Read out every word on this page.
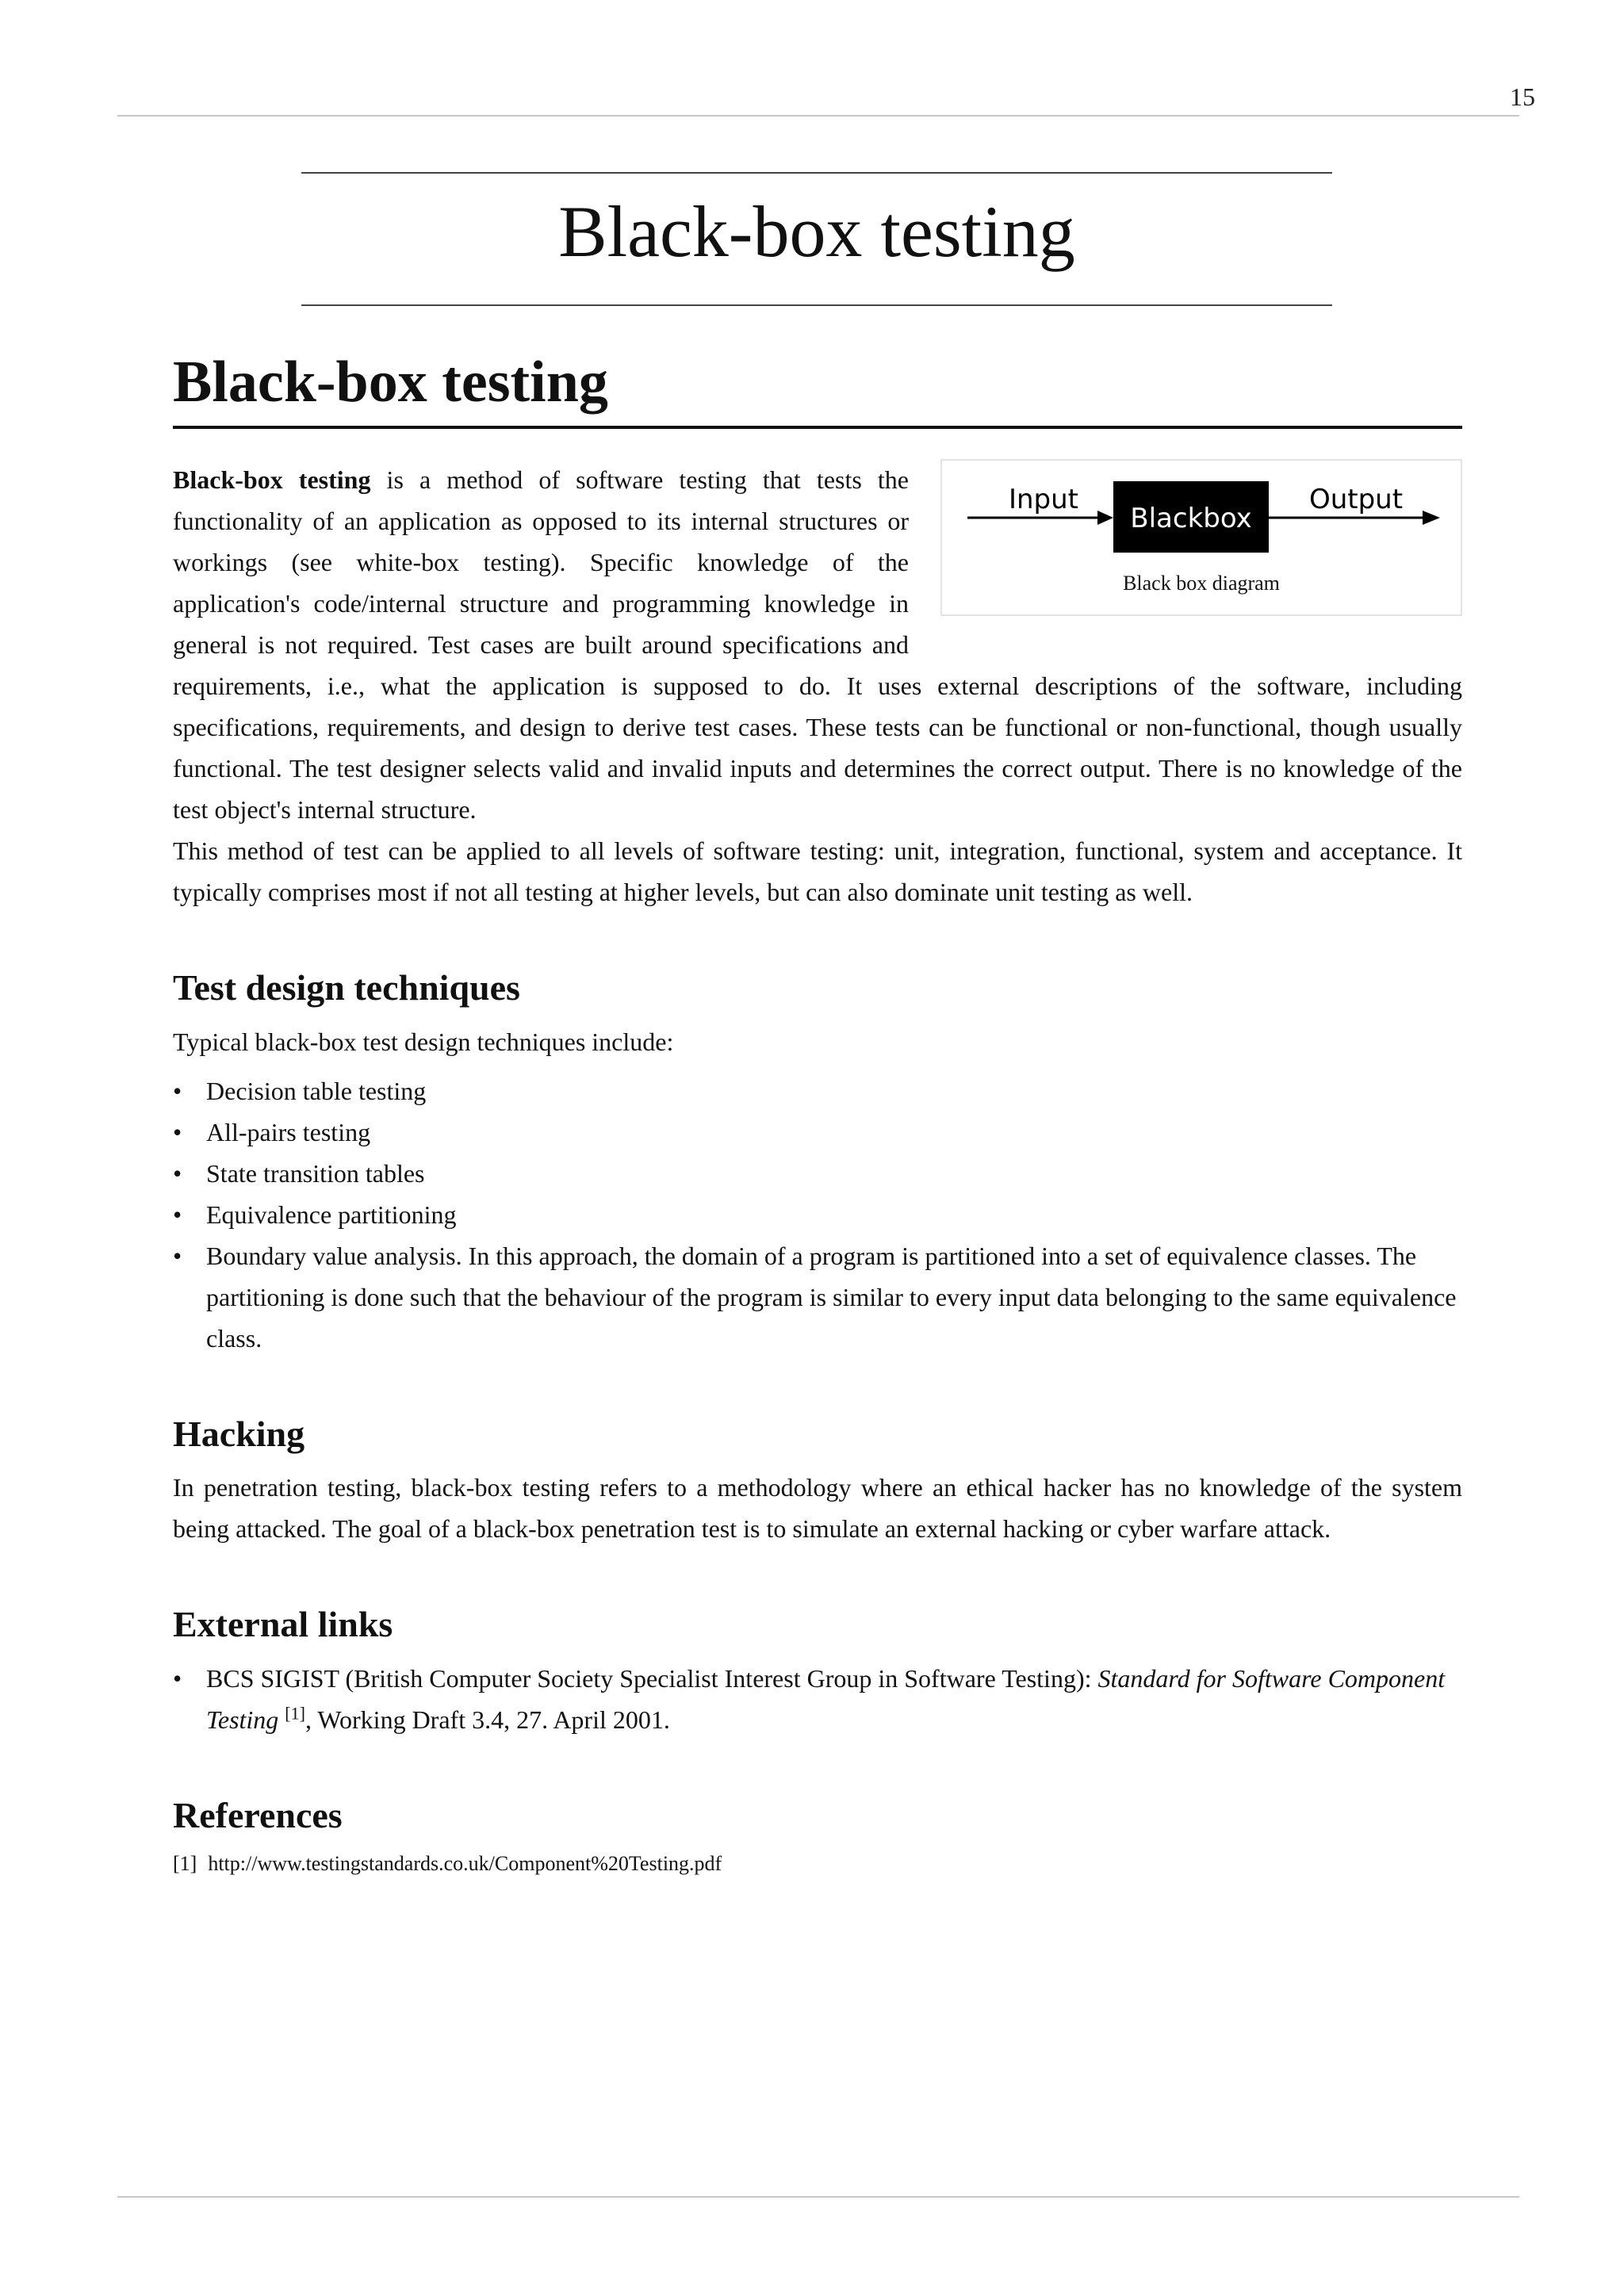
15
Black-box testing
Black-box testing
Input
Blackbox
Output
Black box diagram

Black-box testing is a method of software testing that tests the functionality of an application as opposed to its internal structures or workings (see white-box testing). Specific knowledge of the application's code/internal structure and programming knowledge in general is not required. Test cases are built around specifications and requirements, i.e., what the application is supposed to do. It uses external descriptions of the software, including specifications, requirements, and design to derive test cases. These tests can be functional or non-functional, though usually functional. The test designer selects valid and invalid inputs and determines the correct output. There is no knowledge of the test object's internal structure.

This method of test can be applied to all levels of software testing: unit, integration, functional, system and acceptance. It typically comprises most if not all testing at higher levels, but can also dominate unit testing as well.

Test design techniques

Typical black-box test design techniques include:

• Decision table testing
• All-pairs testing
• State transition tables
• Equivalence partitioning
• Boundary value analysis. In this approach, the domain of a program is partitioned into a set of equivalence classes. The partitioning is done such that the behaviour of the program is similar to every input data belonging to the same equivalence class.
Hacking

In penetration testing, black-box testing refers to a methodology where an ethical hacker has no knowledge of the system being attacked. The goal of a black-box penetration test is to simulate an external hacking or cyber warfare attack.

External links
• BCS SIGIST (British Computer Society Specialist Interest Group in Software Testing): Standard for Software Component Testing [1], Working Draft 3.4, 27. April 2001.
References
[1] http://www.testingstandards.co.uk/Component%20Testing.pdf
